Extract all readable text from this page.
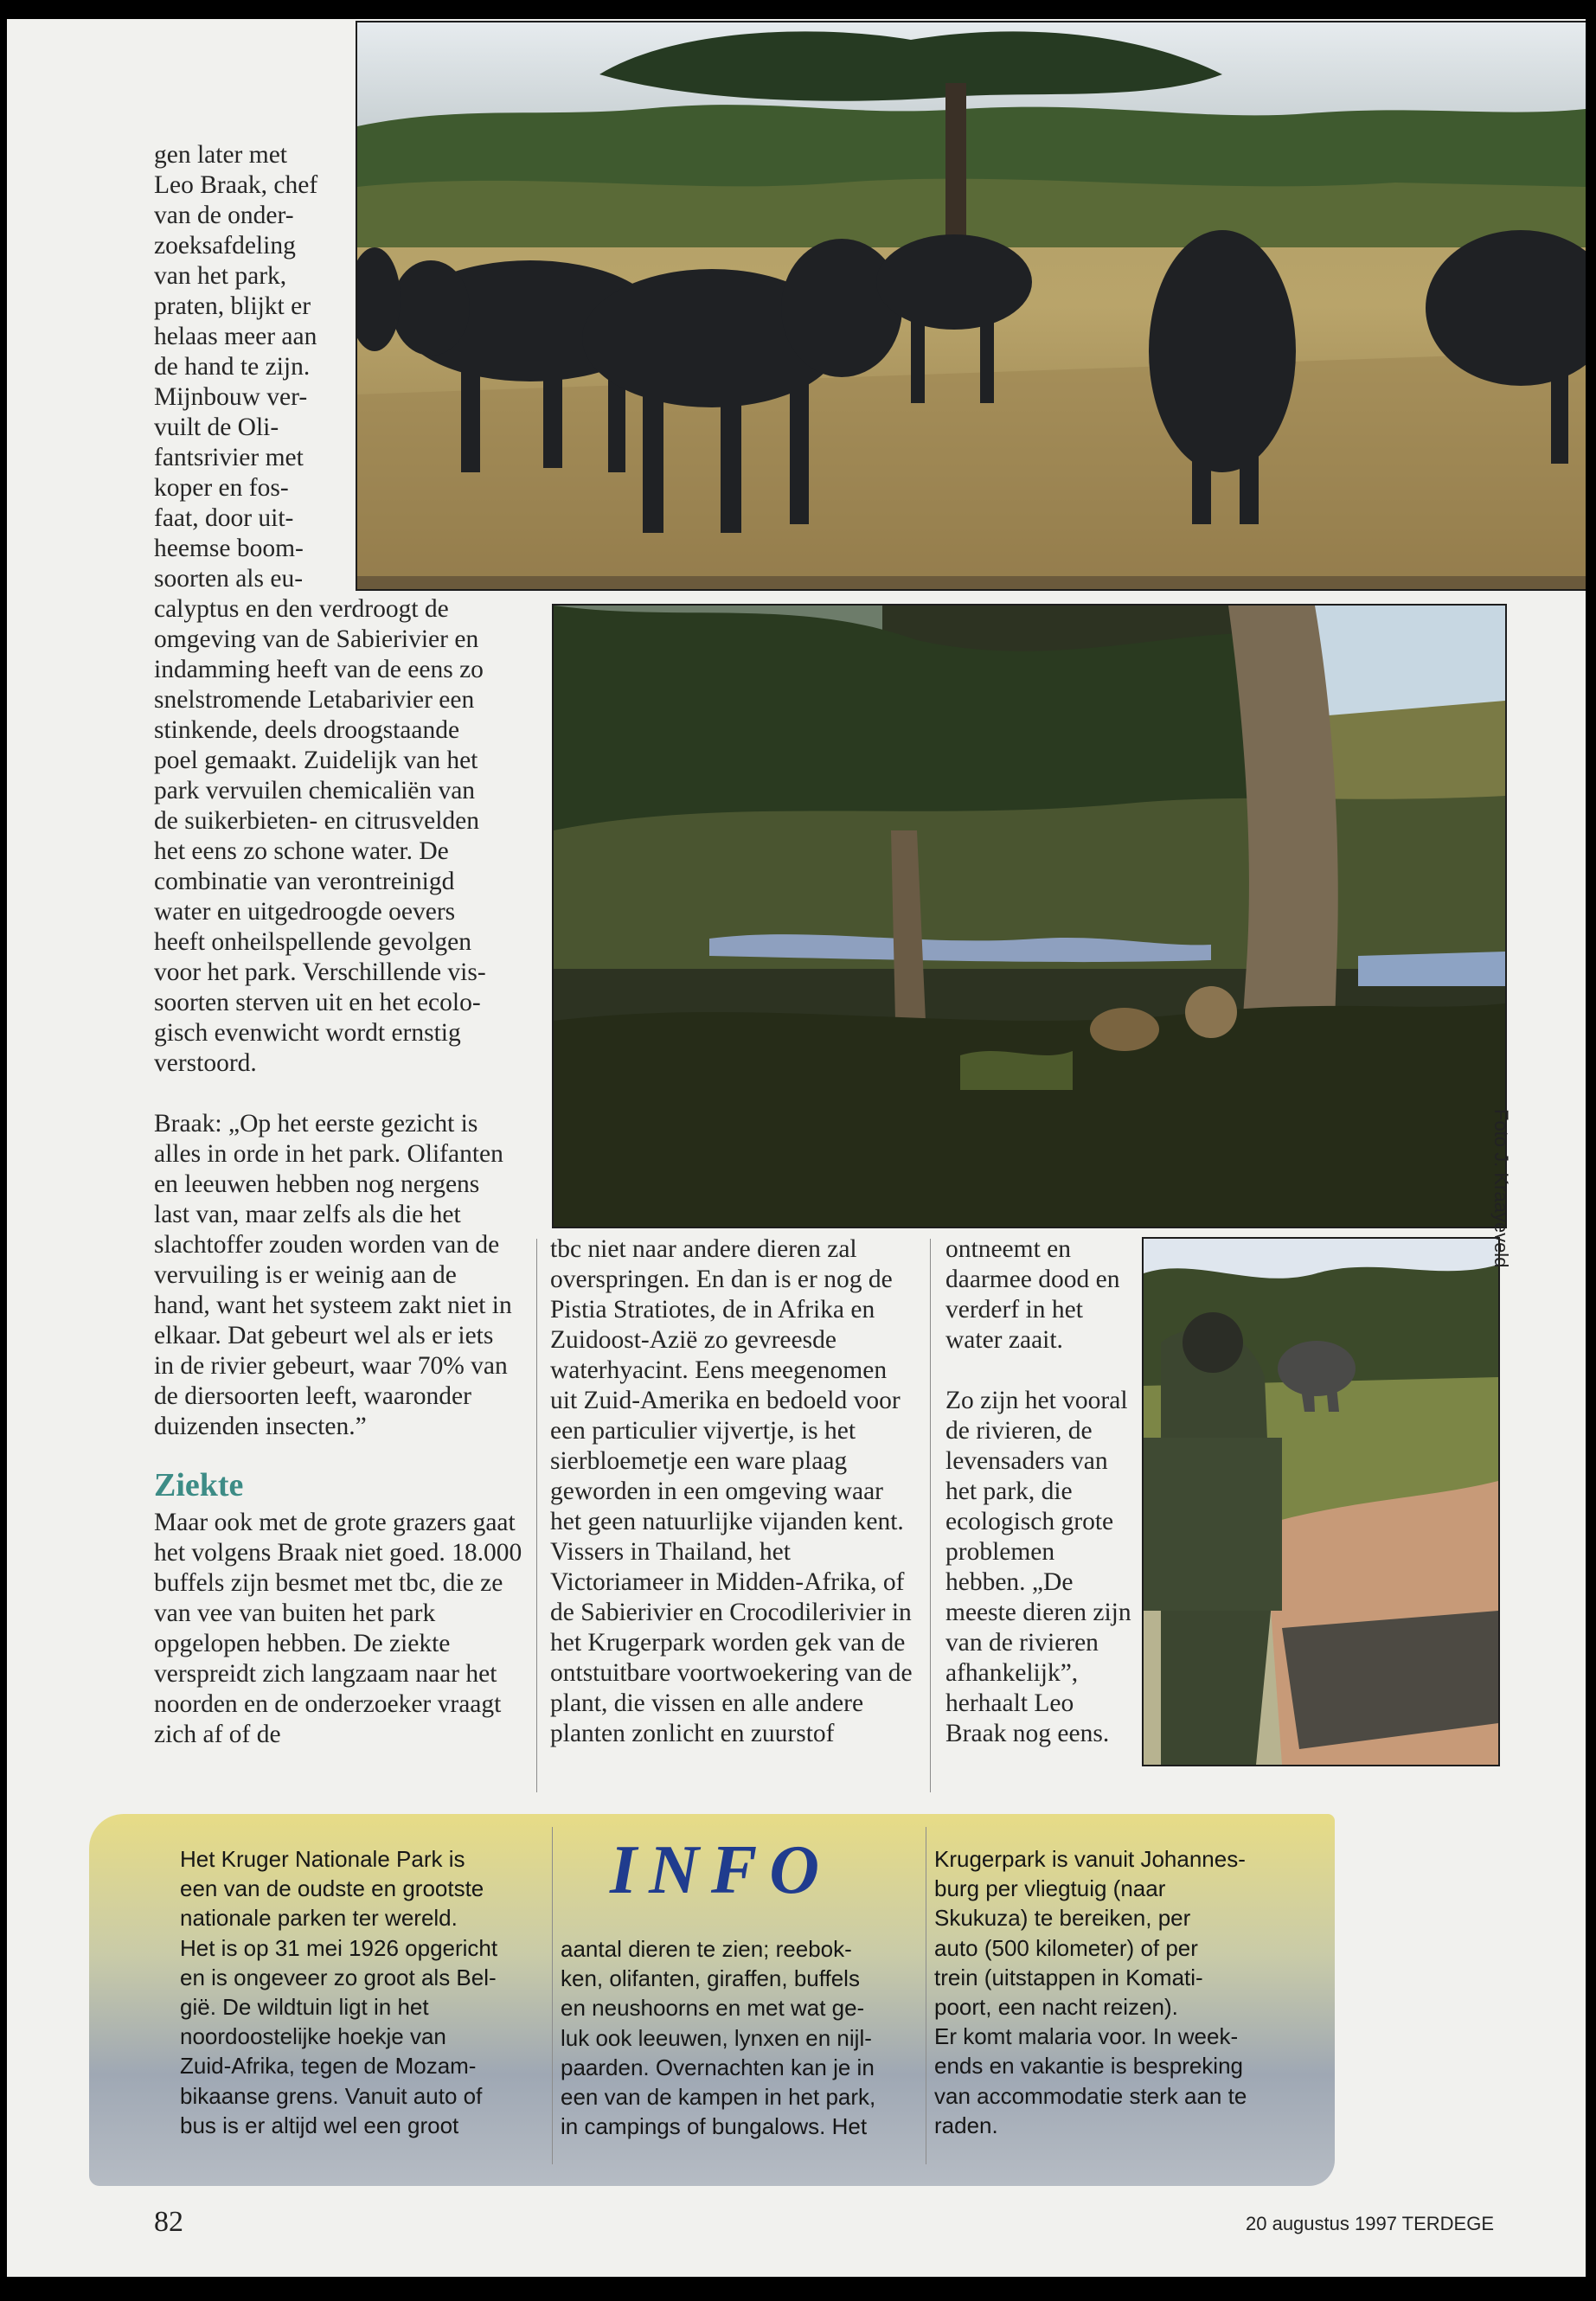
gen later met
Leo Braak, chef
van de onder-
zoeksafdeling
van het park,
praten, blijkt er
helaas meer aan
de hand te zijn.
Mijnbouw ver-
vuilt de Oli-
fantsrivier met
koper en fos-
faat, door uit-
heemse boom-
soorten als eu-
calyptus en den verdroogt de
omgeving van de Sabierivier en
indamming heeft van de eens zo
snelstromende Letabarivier een
stinkende, deels droogstaande
poel gemaakt. Zuidelijk van het
park vervuilen chemicaliën van
de suikerbieten- en citrusvelden
het eens zo schone water. De
combinatie van verontreinigd
water en uitgedroogde oevers
heeft onheilspellende gevolgen
voor het park. Verschillende vis-
soorten sterven uit en het ecolo-
gisch evenwicht wordt ernstig
verstoord.

Braak: „Op het eerste gezicht is alles in orde in het park. Olifanten en leeuwen hebben nog nergens last van, maar zelfs als die het slachtoffer zouden worden van de vervuiling is er weinig aan de hand, want het systeem zakt niet in elkaar. Dat gebeurt wel als er iets in de rivier gebeurt, waar 70% van de diersoorten leeft, waaronder duizenden insecten.”

Ziekte

Maar ook met de grote grazers gaat het volgens Braak niet goed. 18.000 buffels zijn besmet met tbc, die ze van vee van buiten het park opgelopen hebben. De ziekte verspreidt zich langzaam naar het noorden en de onderzoeker vraagt zich af of de

tbc niet naar andere dieren zal overspringen. En dan is er nog de Pistia Stratiotes, de in Afrika en Zuidoost-Azië zo gevreesde waterhyacint. Eens meegenomen uit Zuid-Amerika en bedoeld voor een particulier vijvertje, is het sierbloemetje een ware plaag geworden in een omgeving waar het geen natuurlijke vijanden kent. Vissers in Thailand, het Victoriameer in Midden-Afrika, of de Sabierivier en Crocodilerivier in het Krugerpark worden gek van de ontstuitbare voortwoekering van de plant, die vissen en alle andere planten zonlicht en zuurstof

ontneemt en daarmee dood en verderf in het water zaait.

Zo zijn het vooral de rivieren, de levensaders van het park, die ecologisch grote problemen hebben. „De meeste dieren zijn van de rivieren afhankelijk”, herhaalt Leo Braak nog eens.

Foto J. Kraayeveld
INFO
Het Kruger Nationale Park is
een van de oudste en grootste
nationale parken ter wereld.
Het is op 31 mei 1926 opgericht
en is ongeveer zo groot als Bel-
gië. De wildtuin ligt in het
noordoostelijke hoekje van
Zuid-Afrika, tegen de Mozam-
bikaanse grens. Vanuit auto of
bus is er altijd wel een groot
aantal dieren te zien; reebok-
ken, olifanten, giraffen, buffels
en neushoorns en met wat ge-
luk ook leeuwen, lynxen en nijl-
paarden. Overnachten kan je in
een van de kampen in het park,
in campings of bungalows. Het
Krugerpark is vanuit Johannes-
burg per vliegtuig (naar
Skukuza) te bereiken, per
auto (500 kilometer) of per
trein (uitstappen in Komati-
poort, een nacht reizen).
Er komt malaria voor. In week-
ends en vakantie is bespreking
van accommodatie sterk aan te
raden.
82	20 augustus 1997 TERDEGE
